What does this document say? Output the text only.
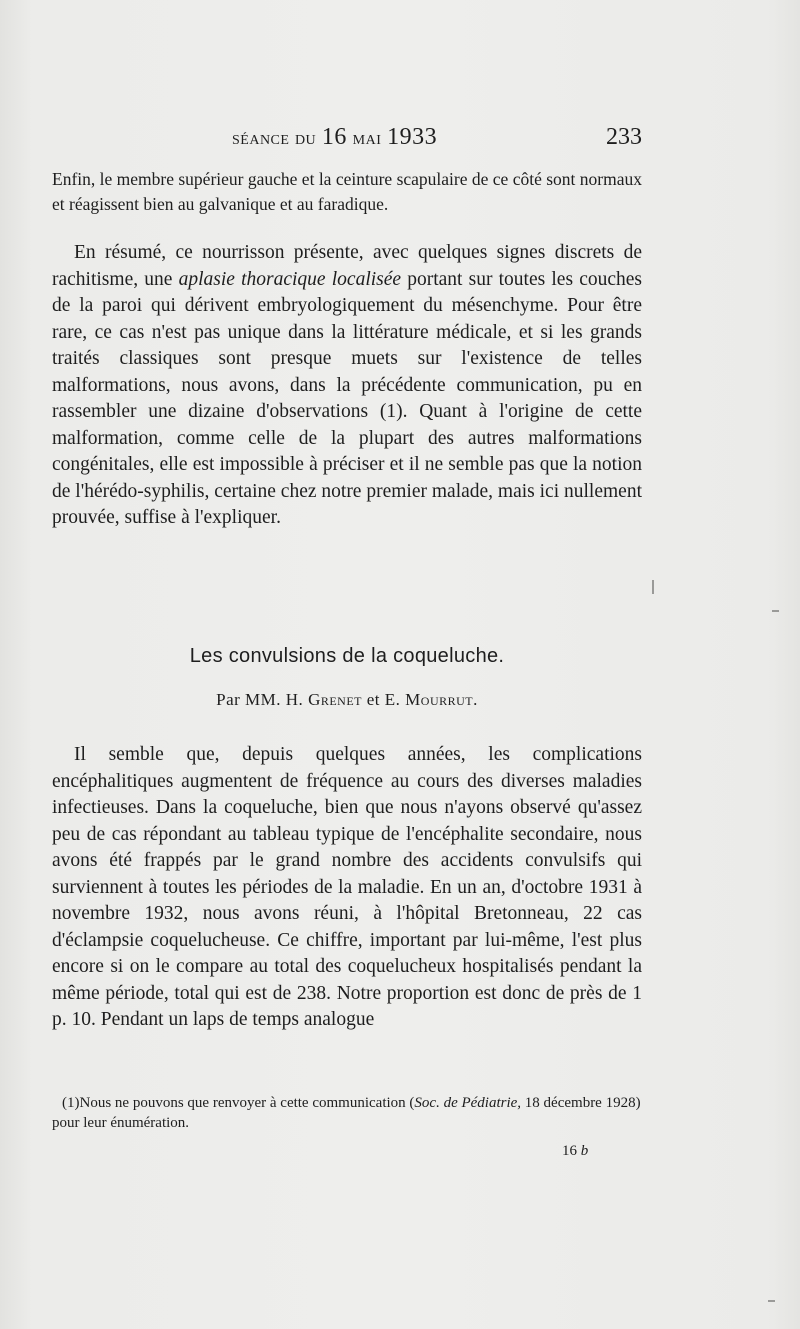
séance du 16 mai 1933	233

Enfin, le membre supérieur gauche et la ceinture scapulaire de ce côté sont normaux et réagissent bien au galvanique et au faradique.

En résumé, ce nourrisson présente, avec quelques signes discrets de rachitisme, une aplasie thoracique localisée portant sur toutes les couches de la paroi qui dérivent embryologiquement du mésenchyme. Pour être rare, ce cas n'est pas unique dans la littérature médicale, et si les grands traités classiques sont presque muets sur l'existence de telles malformations, nous avons, dans la précédente communication, pu en rassembler une dizaine d'observations (1). Quant à l'origine de cette malformation, comme celle de la plupart des autres malformations congénitales, elle est impossible à préciser et il ne semble pas que la notion de l'hérédo-syphilis, certaine chez notre premier malade, mais ici nullement prouvée, suffise à l'expliquer.

Les convulsions de la coqueluche.
Par MM. H. Grenet et E. Mourrut.

Il semble que, depuis quelques années, les complications encéphalitiques augmentent de fréquence au cours des diverses maladies infectieuses. Dans la coqueluche, bien que nous n'ayons observé qu'assez peu de cas répondant au tableau typique de l'encéphalite secondaire, nous avons été frappés par le grand nombre des accidents convulsifs qui surviennent à toutes les périodes de la maladie. En un an, d'octobre 1931 à novembre 1932, nous avons réuni, à l'hôpital Bretonneau, 22 cas d'éclampsie coquelucheuse. Ce chiffre, important par lui-même, l'est plus encore si on le compare au total des coquelucheux hospitalisés pendant la même période, total qui est de 238. Notre proportion est donc de près de 1 p. 10. Pendant un laps de temps analogue

(1)Nous ne pouvons que renvoyer à cette communication (Soc. de Pédiatrie, 18 décembre 1928) pour leur énumération.

16 b
